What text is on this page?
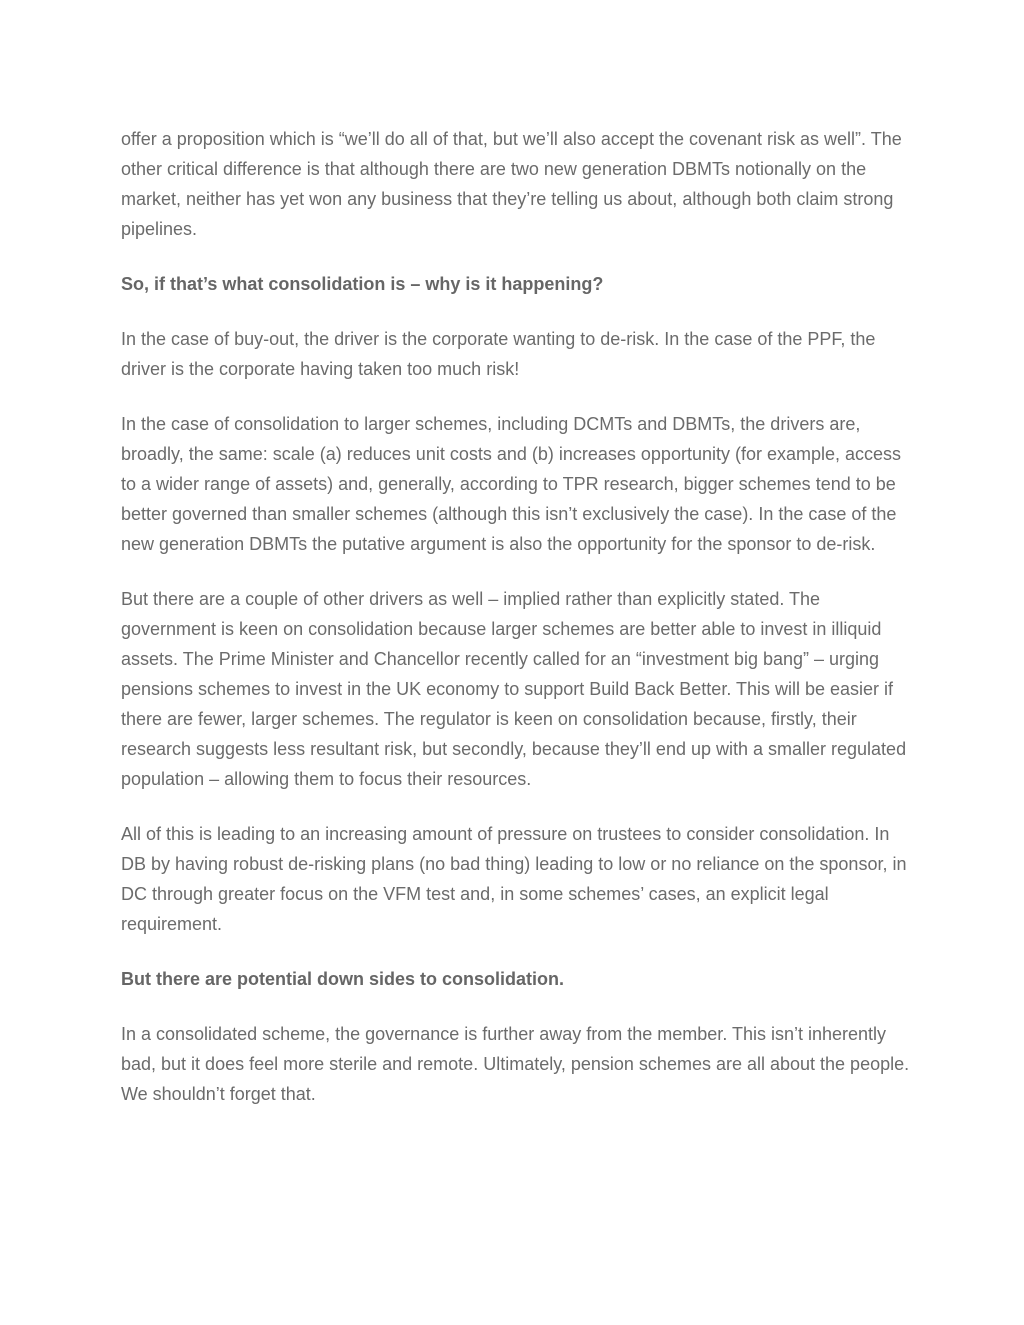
offer a proposition which is “we’ll do all of that, but we’ll also accept the covenant risk as well”. The other critical difference is that although there are two new generation DBMTs notionally on the market, neither has yet won any business that they’re telling us about, although both claim strong pipelines.

So, if that’s what consolidation is – why is it happening?

In the case of buy-out, the driver is the corporate wanting to de-risk. In the case of the PPF, the driver is the corporate having taken too much risk!

In the case of consolidation to larger schemes, including DCMTs and DBMTs, the drivers are, broadly, the same: scale (a) reduces unit costs and (b) increases opportunity (for example, access to a wider range of assets) and, generally, according to TPR research, bigger schemes tend to be better governed than smaller schemes (although this isn’t exclusively the case). In the case of the new generation DBMTs the putative argument is also the opportunity for the sponsor to de-risk.

But there are a couple of other drivers as well – implied rather than explicitly stated. The government is keen on consolidation because larger schemes are better able to invest in illiquid assets. The Prime Minister and Chancellor recently called for an “investment big bang” – urging pensions schemes to invest in the UK economy to support Build Back Better. This will be easier if there are fewer, larger schemes. The regulator is keen on consolidation because, firstly, their research suggests less resultant risk, but secondly, because they’ll end up with a smaller regulated population – allowing them to focus their resources.

All of this is leading to an increasing amount of pressure on trustees to consider consolidation. In DB by having robust de-risking plans (no bad thing) leading to low or no reliance on the sponsor, in DC through greater focus on the VFM test and, in some schemes’ cases, an explicit legal requirement.

But there are potential down sides to consolidation.

In a consolidated scheme, the governance is further away from the member. This isn’t inherently bad, but it does feel more sterile and remote. Ultimately, pension schemes are all about the people. We shouldn’t forget that.
